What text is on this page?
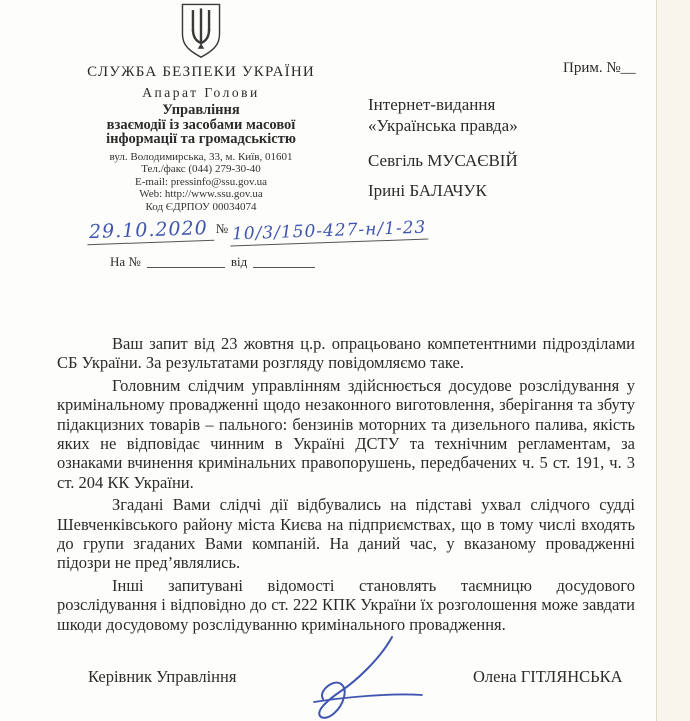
СЛУЖБА БЕЗПЕКИ УКРАЇНИ
Апарат Голови
Управління
взаємодії із засобами масової
інформації та громадськістю
вул. Володимирська, 33, м. Київ, 01601
Тел./факс (044) 279-30-40
E-mail: pressinfo@ssu.gov.ua
Web: http://www.ssu.gov.ua
Код ЄДРПОУ 00034074
29.10.2020 № 10/3/150-427-н/1-23
На №	від
Прим. №__
Інтернет-видання
«Українська правда»
Севгіль МУСАЄВІЙ
Ірині БАЛАЧУК

Ваш запит від 23 жовтня ц.р. опрацьовано компетентними підрозділами СБ України. За результатами розгляду повідомляємо таке.

Головним слідчим управлінням здійснюється досудове розслідування у кримінальному провадженні щодо незаконного виготовлення, зберігання та збуту підакцизних товарів – пального: бензинів моторних та дизельного палива, якість яких не відповідає чинним в Україні ДСТУ та технічним регламентам, за ознаками вчинення кримінальних правопорушень, передбачених ч. 5 ст. 191, ч. 3 ст. 204 КК України.

Згадані Вами слідчі дії відбувались на підставі ухвал слідчого судді Шевченківського району міста Києва на підприємствах, що в тому числі входять до групи згаданих Вами компаній. На даний час, у вказаному провадженні підозри не пред’являлись.

Інші запитувані відомості становлять таємницю досудового розслідування і відповідно до ст. 222 КПК України їх розголошення може завдати шкоди досудовому розслідуванню кримінального провадження.

Керівник Управління	Олена ГІТЛЯНСЬКА
